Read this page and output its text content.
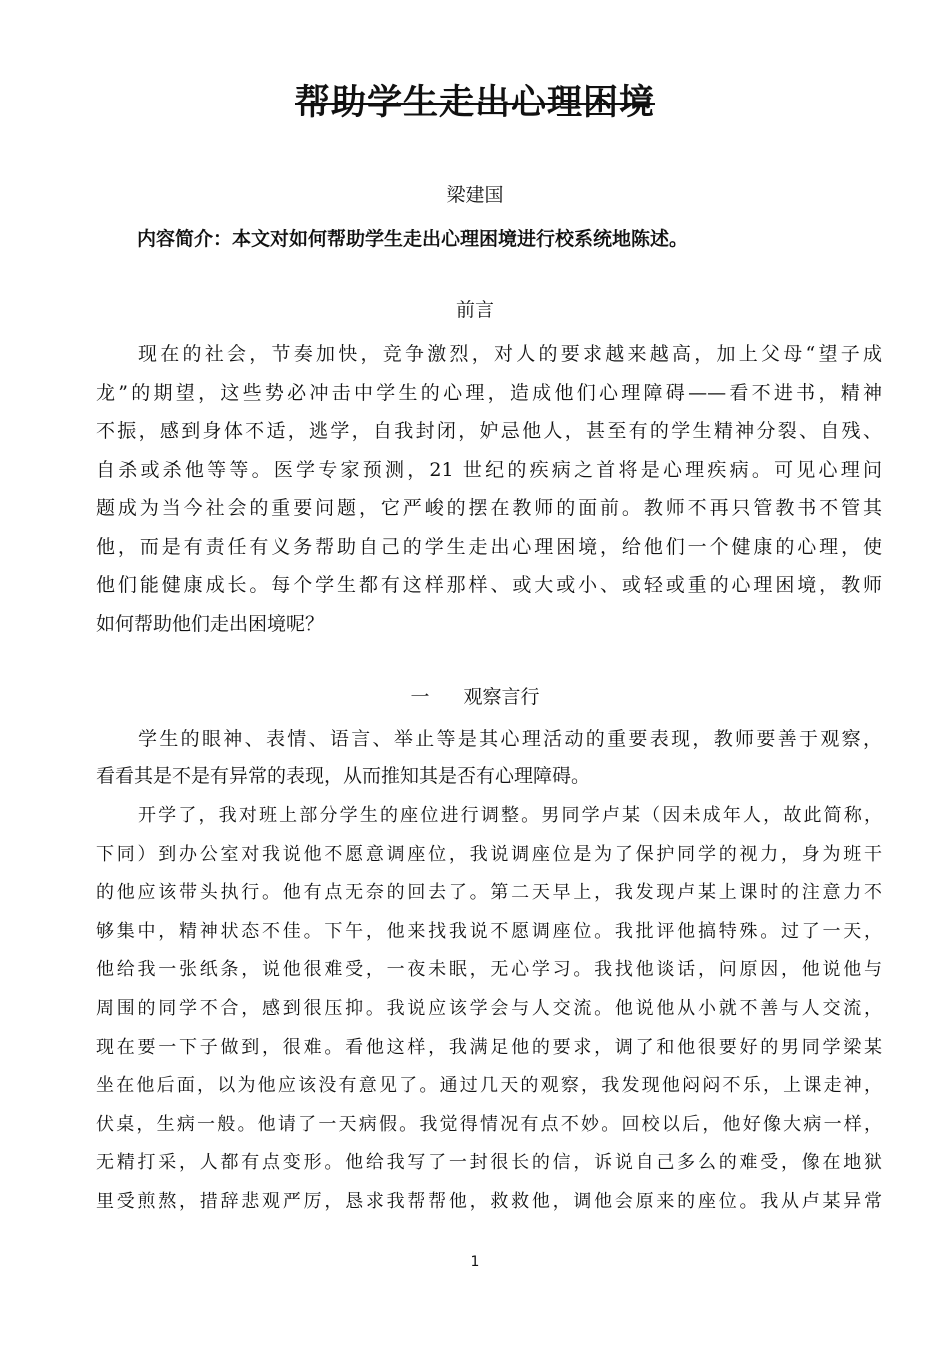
帮助学生走出心理困境
梁建国
内容简介：本文对如何帮助学生走出心理困境进行校系统地陈述。
前言
现在的社会，节奏加快，竞争激烈，对人的要求越来越高，加上父母“望子成
龙”的期望，这些势必冲击中学生的心理，造成他们心理障碍——看不进书，精神
不振，感到身体不适，逃学，自我封闭，妒忌他人，甚至有的学生精神分裂、自残、
自杀或杀他等等。医学专家预测，21 世纪的疾病之首将是心理疾病。可见心理问
题成为当今社会的重要问题，它严峻的摆在教师的面前。教师不再只管教书不管其
他，而是有责任有义务帮助自己的学生走出心理困境，给他们一个健康的心理，使
他们能健康成长。每个学生都有这样那样、或大或小、或轻或重的心理困境，教师
如何帮助他们走出困境呢？
一 观察言行
学生的眼神、表情、语言、举止等是其心理活动的重要表现，教师要善于观察，
看看其是不是有异常的表现，从而推知其是否有心理障碍。
开学了，我对班上部分学生的座位进行调整。男同学卢某（因未成年人，故此简称，
下同）到办公室对我说他不愿意调座位，我说调座位是为了保护同学的视力，身为班干
的他应该带头执行。他有点无奈的回去了。第二天早上，我发现卢某上课时的注意力不
够集中，精神状态不佳。下午，他来找我说不愿调座位。我批评他搞特殊。过了一天，
他给我一张纸条，说他很难受，一夜未眠，无心学习。我找他谈话，问原因，他说他与
周围的同学不合，感到很压抑。我说应该学会与人交流。他说他从小就不善与人交流，
现在要一下子做到，很难。看他这样，我满足他的要求，调了和他很要好的男同学梁某
坐在他后面，以为他应该没有意见了。通过几天的观察，我发现他闷闷不乐，上课走神，
伏桌，生病一般。他请了一天病假。我觉得情况有点不妙。回校以后，他好像大病一样，
无精打采，人都有点变形。他给我写了一封很长的信，诉说自己多么的难受，像在地狱
里受煎熬，措辞悲观严厉，恳求我帮帮他，救救他，调他会原来的座位。我从卢某异常
1
